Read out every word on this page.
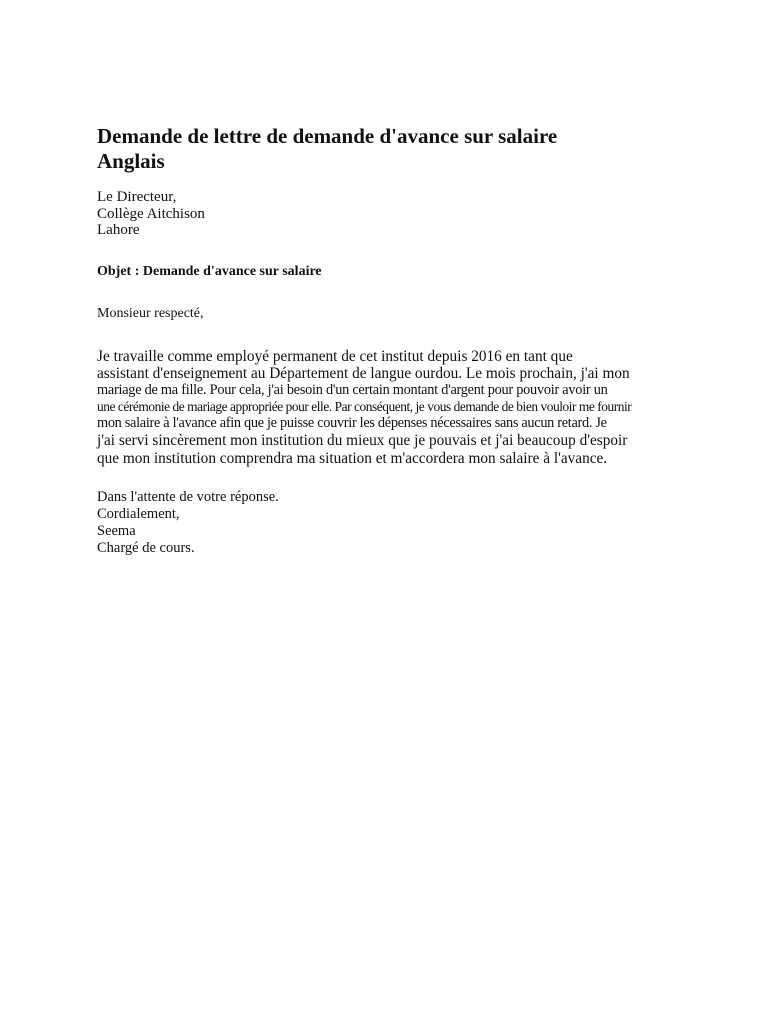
Demande de lettre de demande d'avance sur salaire
Anglais
Le Directeur,
Collège Aitchison
Lahore
Objet : Demande d'avance sur salaire
Monsieur respecté,
Je travaille comme employé permanent de cet institut depuis 2016 en tant que
assistant d'enseignement au Département de langue ourdou. Le mois prochain, j'ai mon
mariage de ma fille. Pour cela, j'ai besoin d'un certain montant d'argent pour pouvoir avoir un
une cérémonie de mariage appropriée pour elle. Par conséquent, je vous demande de bien vouloir me fournir
mon salaire à l'avance afin que je puisse couvrir les dépenses nécessaires sans aucun retard. Je
j'ai servi sincèrement mon institution du mieux que je pouvais et j'ai beaucoup d'espoir
que mon institution comprendra ma situation et m'accordera mon salaire à l'avance.
Dans l'attente de votre réponse.
Cordialement,
Seema
Chargé de cours.
